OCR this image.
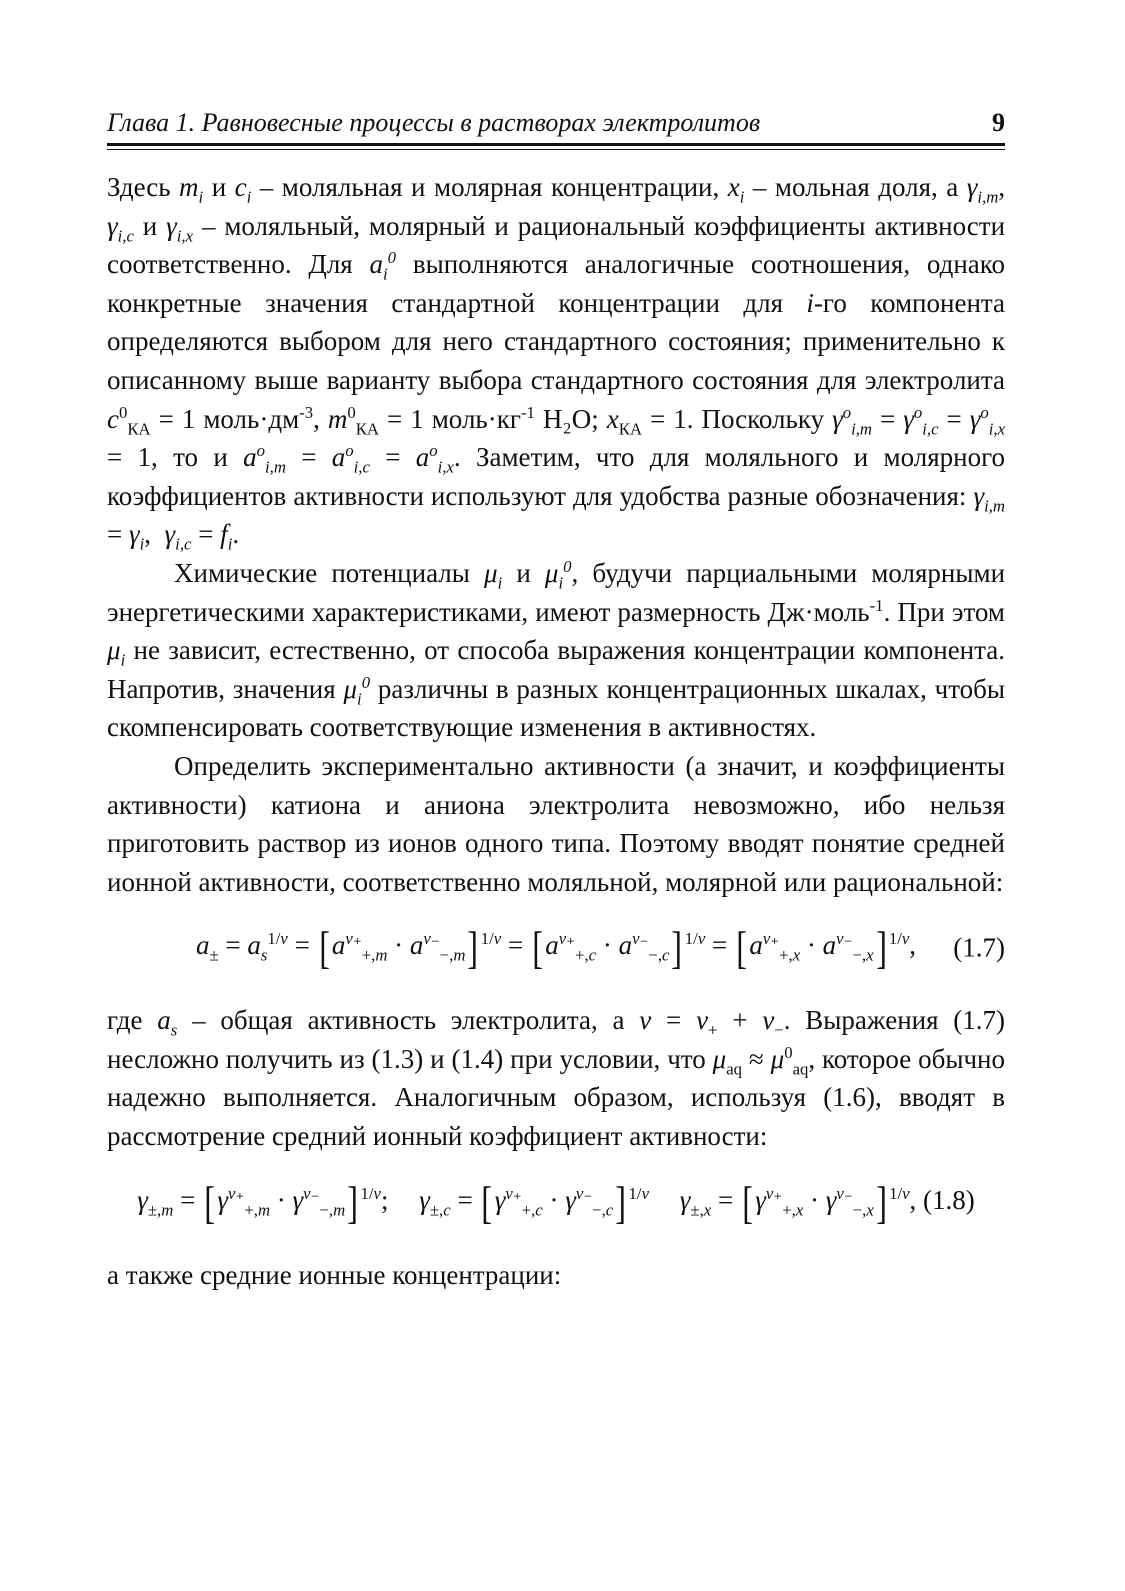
Глава 1. Равновесные процессы в растворах электролитов	9

Здесь $m_i$ и $c_i$ – моляльная и молярная концентрации, $x_i$ – мольная доля, а $\gamma_{i,m}$, $\gamma_{i,c}$ и $\gamma_{i,x}$ – моляльный, молярный и рациональный коэффициенты активности соответственно. Для $a_i^0$ выполняются аналогичные соотношения, однако конкретные значения стандартной концентрации для i-го компонента определяются выбором для него стандартного состояния; применительно к описанному выше варианту выбора стандартного состояния для электролита $c^0_{КА} = 1$ $моль\cdot дм^{-3}$, $m^0_{КА} = 1$ $моль\cdot кг^{-1}$ H₂O; $x_{КА} = 1$. Поскольку $\gamma^o_{i,m} = \gamma^o_{i,c} = \gamma^o_{i,x} = 1$, то и $a^o_{i,m} = a^o_{i,c} = a^o_{i,x}$. Заметим, что для моляльного и молярного коэффициентов активности используют для удобства разные обозначения: $\gamma_{i,m} = \gamma_i$,  $\gamma_{i,c} = f_i$.

Химические потенциалы $\mu_i$ и $\mu_i^0$, будучи парциальными молярными энергетическими характеристиками, имеют размерность Дж·моль$^{-1}$. При этом $\mu_i$ не зависит, естественно, от способа выражения концентрации компонента. Напротив, значения $\mu_i^0$ различны в разных концентрационных шкалах, чтобы скомпенсировать соответствующие изменения в активностях.

Определить экспериментально активности (а значит, и коэффициенты активности) катиона и аниона электролита невозможно, ибо нельзя приготовить раствор из ионов одного типа. Поэтому вводят понятие средней ионной активности, соответственно моляльной, молярной или рациональной:

$a_\pm = a_s^{1/\nu} = [a^{\nu_+}_{+,m} \cdot a^{\nu_-}_{-,m}] ^{1/\nu} = [a^{\nu_+}_{+,c} \cdot a^{\nu_-}_{-,c}] ^{1/\nu} = [a^{\nu_+}_{+,x} \cdot a^{\nu_-}_{-,x}]$ $^{1/\nu}$, (1.7)

где $a_s$ – общая активность электролита, а $\nu = \nu_+ + \nu_-$. Выражения (1.7) несложно получить из (1.3) и (1.4) при условии, что $\mu_{aq} \approx \mu^0_{aq}$, которое обычно надежно выполняется. Аналогичным образом, используя (1.6), вводят в рассмотрение средний ионный коэффициент активности:

$\gamma_{\pm,m} = [\gamma^{\nu_+}_{+,m} \cdot \gamma^{\nu_-}_{-,m}]$ $^{1/\nu}$; $\gamma_{\pm,c} = [\gamma^{\nu_+}_{+,c} \cdot \gamma^{\nu_-}_{-,c}]$ $^{1/\nu}$ $\gamma_{\pm,x} = [\gamma^{\nu_+}_{+,x} \cdot \gamma^{\nu_-}_{-,x}]$ $^{1/\nu}$, (1.8)

а также средние ионные концентрации:
